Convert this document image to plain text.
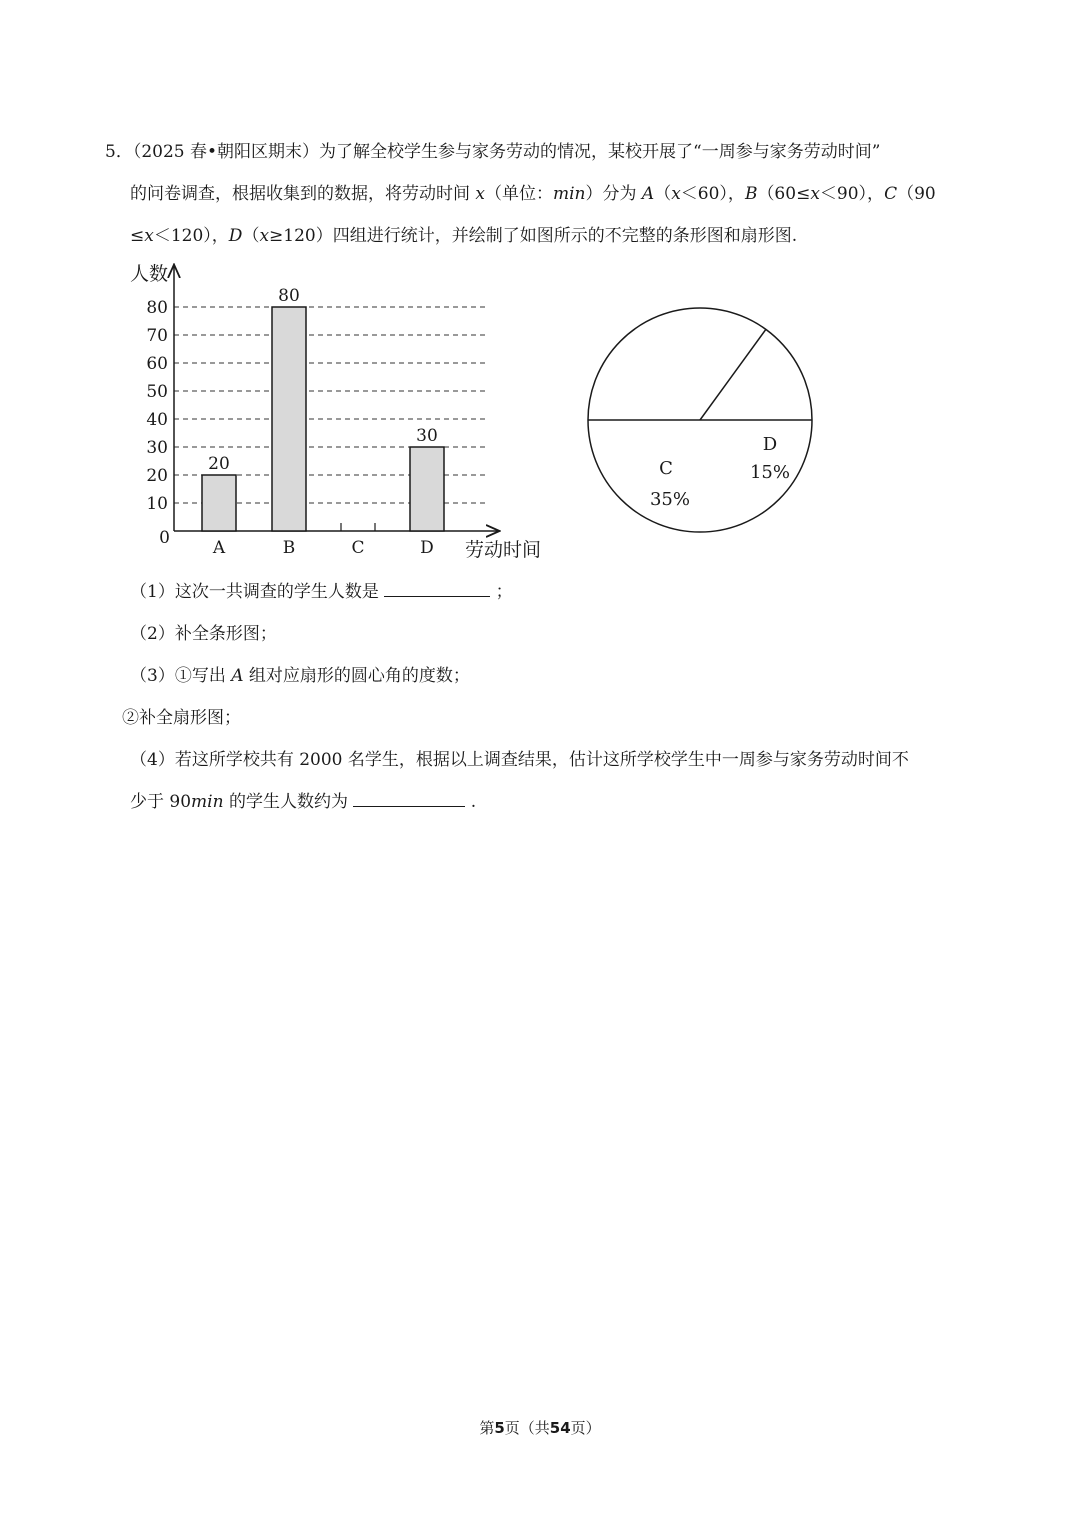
5．（2025 春•朝阳区期末）为了解全校学生参与家务劳动的情况，某校开展了“一周参与家务劳动时间”
的问卷调查，根据收集到的数据，将劳动时间 x（单位：min）分为 A（x＜60），B（60≤x＜90），C（90
≤x＜120），D（x≥120）四组进行统计，并绘制了如图所示的不完整的条形图和扇形图.
0
10
20
30
40
50
60
70
80
20
80
30
A	B	C	D
人数
劳动时间
C
35%
D
15%
（1）这次一共调查的学生人数是	；
（2）补全条形图；
（3）①写出 A 组对应扇形的圆心角的度数；
②补全扇形图；
（4）若这所学校共有 2000 名学生，根据以上调查结果，估计这所学校学生中一周参与家务劳动时间不
少于 90min 的学生人数约为	.
第5页（共54页）
